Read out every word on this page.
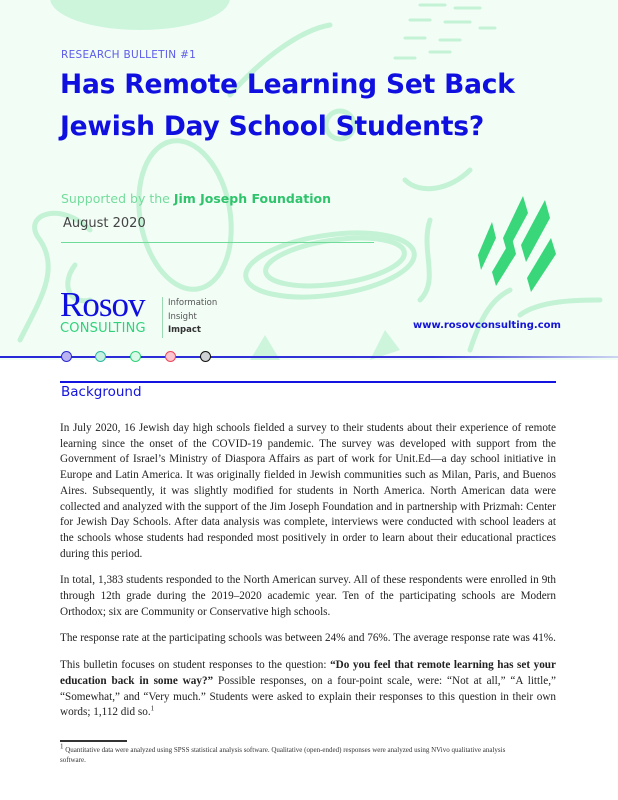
RESEARCH BULLETIN #1
Has Remote Learning Set Back
Jewish Day School Students?
Supported by the Jim Joseph Foundation
August 2020
Rosov
CONSULTING
Information
Insight
Impact	www.rosovconsulting.com
Background

In July 2020, 16 Jewish day high schools fielded a survey to their students about their experience of remote learning since the onset of the COVID-19 pandemic. The survey was developed with support from the Government of Israel’s Ministry of Diaspora Affairs as part of work for Unit.Ed—a day school initiative in Europe and Latin America. It was originally fielded in Jewish communities such as Milan, Paris, and Buenos Aires. Subsequently, it was slightly modified for students in North America. North American data were collected and analyzed with the support of the Jim Joseph Foundation and in partnership with Prizmah: Center for Jewish Day Schools. After data analysis was complete, interviews were conducted with school leaders at the schools whose students had responded most positively in order to learn about their educational practices during this period.

In total, 1,383 students responded to the North American survey. All of these respondents were enrolled in 9th through 12th grade during the 2019–2020 academic year. Ten of the participating schools are Modern Orthodox; six are Community or Conservative high schools.

The response rate at the participating schools was between 24% and 76%. The average response rate was 41%.

This bulletin focuses on student responses to the question: “Do you feel that remote learning has set your education back in some way?” Possible responses, on a four-point scale, were: “Not at all,” “A little,” “Somewhat,” and “Very much.” Students were asked to explain their responses to this question in their own words; 1,112 did so.$^1$

$^1$ Quantitative data were analyzed using SPSS statistical analysis software. Qualitative (open-ended) responses were analyzed using NVivo qualitative analysis software.
